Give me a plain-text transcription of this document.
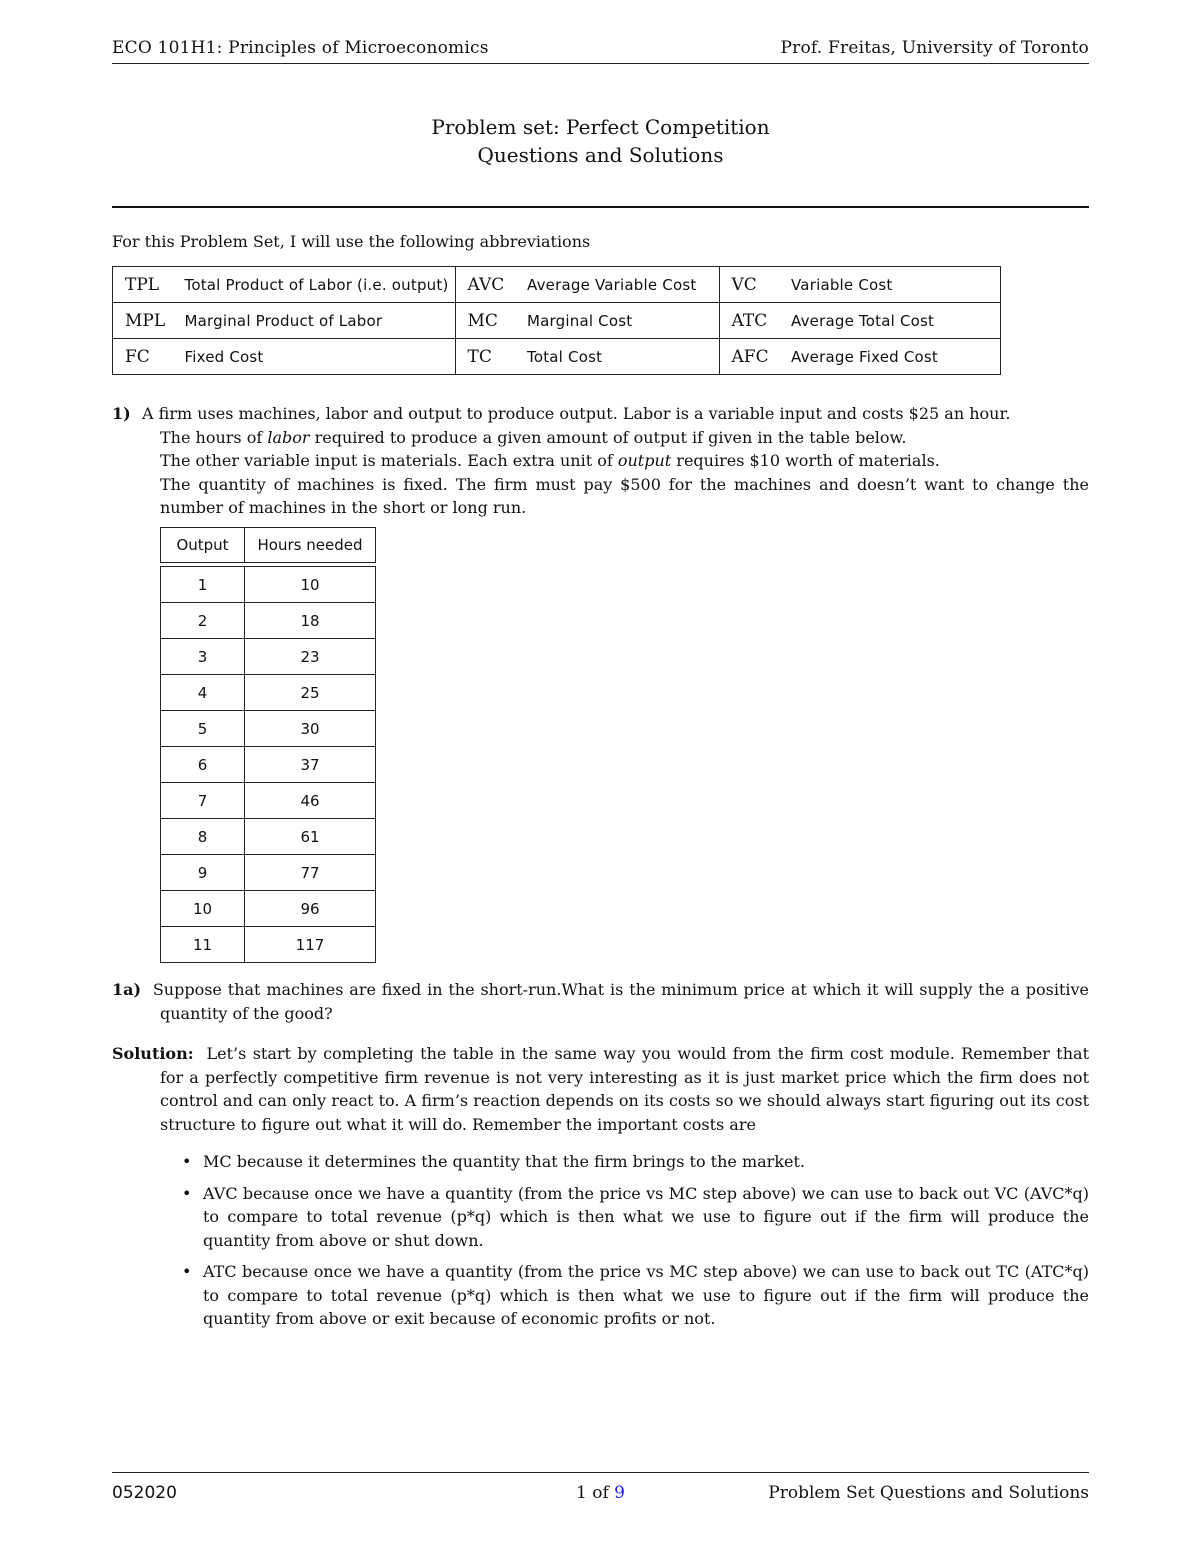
ECO 101H1: Principles of Microeconomics	Prof. Freitas, University of Toronto
Problem set: Perfect Competition
Questions and Solutions
For this Problem Set, I will use the following abbreviations
TPL	Total Product of Labor (i.e. output)	AVC	Average Variable Cost	VC	Variable Cost
MPL	Marginal Product of Labor	MC	Marginal Cost	ATC	Average Total Cost
FC	Fixed Cost	TC	Total Cost	AFC	Average Fixed Cost
1) A firm uses machines, labor and output to produce output. Labor is a variable input and costs $25 an hour.
The hours of labor required to produce a given amount of output if given in the table below.
The other variable input is materials. Each extra unit of output requires $10 worth of materials.
The quantity of machines is fixed. The firm must pay $500 for the machines and doesn’t want to change the number of machines in the short or long run.
Output	Hours needed

1	10
2	18
3	23
4	25
5	30
6	37
7	46
8	61
9	77
10	96
11	117
1a) Suppose that machines are fixed in the short-run.What is the minimum price at which it will supply the a positive quantity of the good?
Solution: Let’s start by completing the table in the same way you would from the firm cost module. Remember that for a perfectly competitive firm revenue is not very interesting as it is just market price which the firm does not control and can only react to. A firm’s reaction depends on its costs so we should always start figuring out its cost structure to figure out what it will do. Remember the important costs are
• MC because it determines the quantity that the firm brings to the market.
• AVC because once we have a quantity (from the price vs MC step above) we can use to back out VC (AVC*q) to compare to total revenue (p*q) which is then what we use to figure out if the firm will produce the quantity from above or shut down.
• ATC because once we have a quantity (from the price vs MC step above) we can use to back out TC (ATC*q) to compare to total revenue (p*q) which is then what we use to figure out if the firm will produce the quantity from above or exit because of economic profits or not.
052020	Problem Set Questions and Solutions
1 of 9
